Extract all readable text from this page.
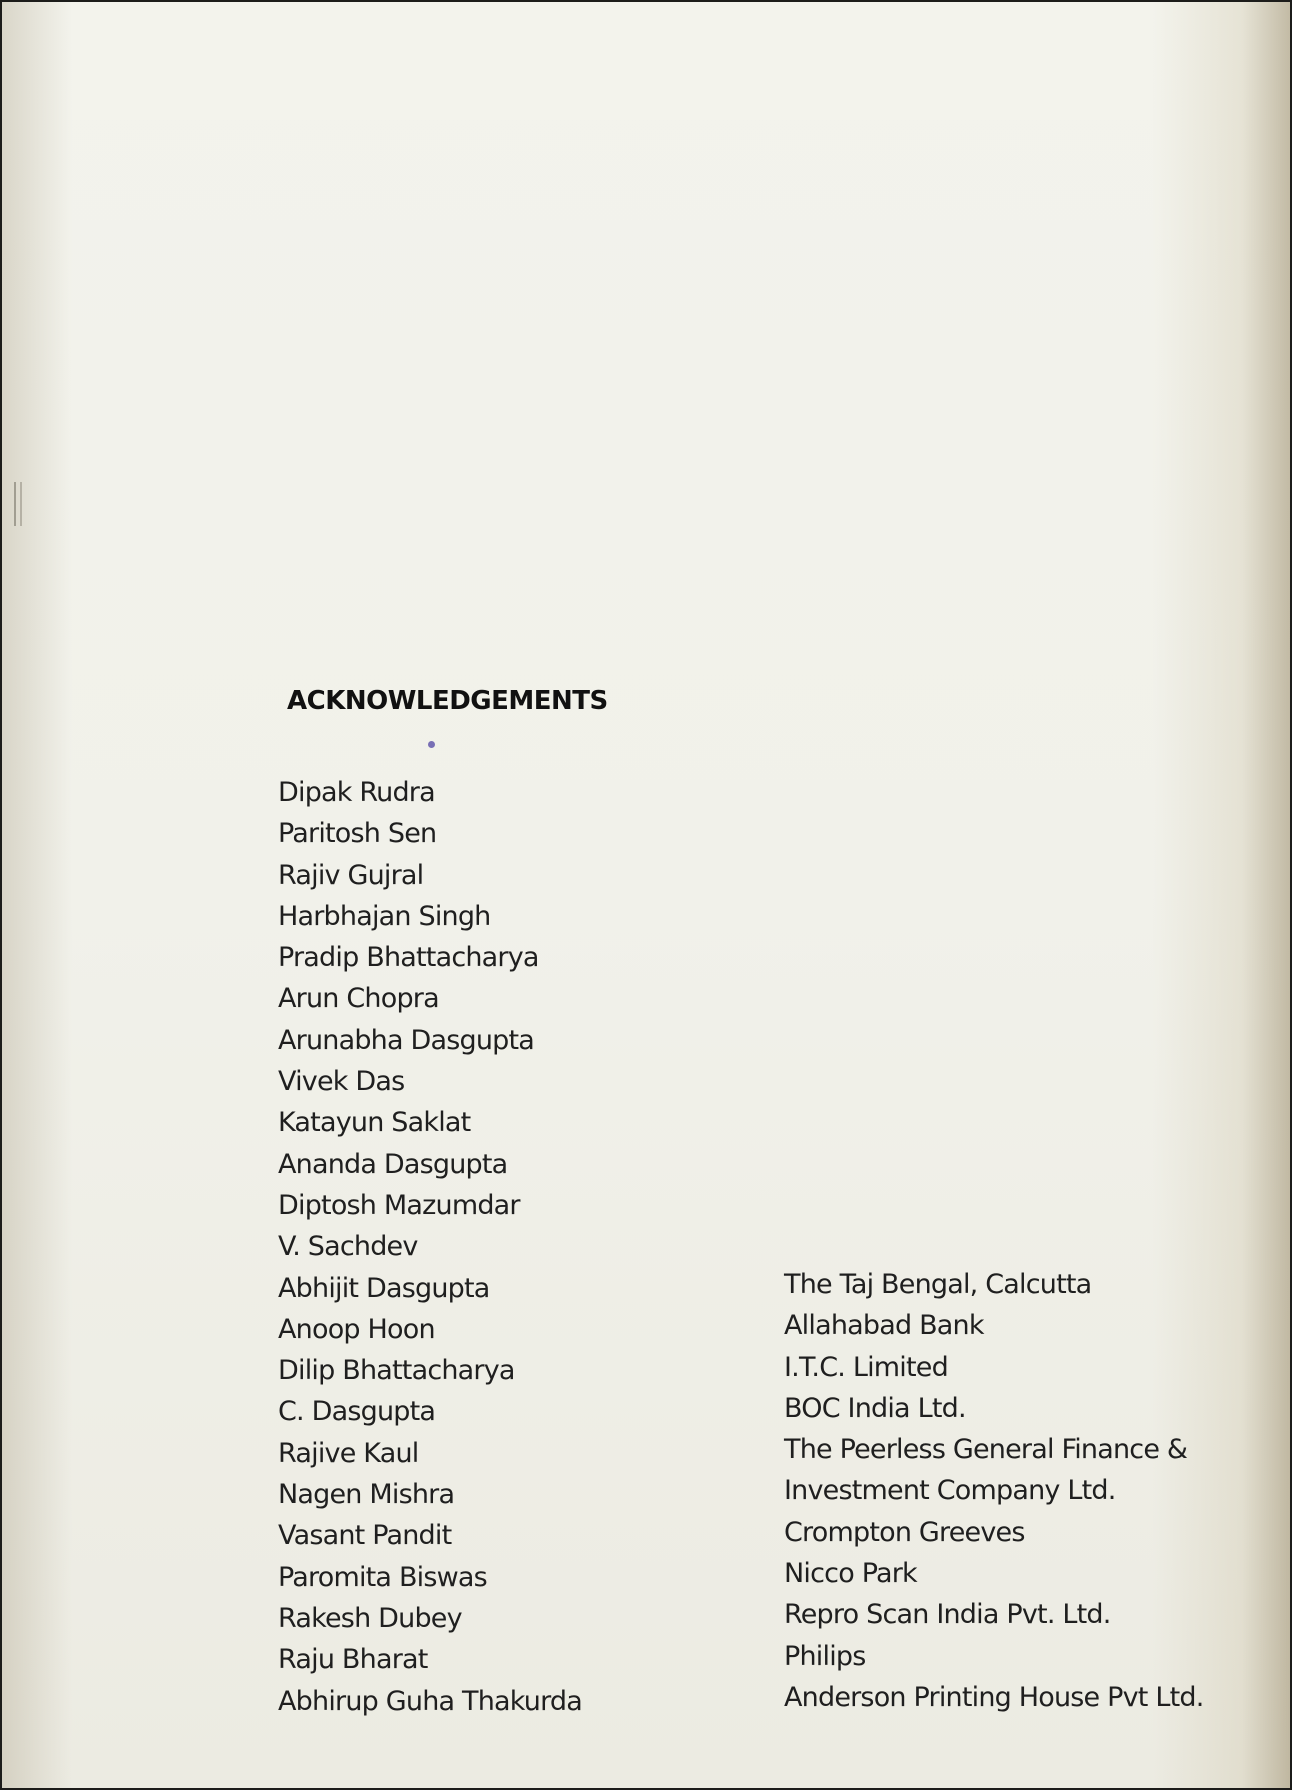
ACKNOWLEDGEMENTS
Dipak Rudra
Paritosh Sen
Rajiv Gujral
Harbhajan Singh
Pradip Bhattacharya
Arun Chopra
Arunabha Dasgupta
Vivek Das
Katayun Saklat
Ananda Dasgupta
Diptosh Mazumdar
V. Sachdev
Abhijit Dasgupta
Anoop Hoon
Dilip Bhattacharya
C. Dasgupta
Rajive Kaul
Nagen Mishra
Vasant Pandit
Paromita Biswas
Rakesh Dubey
Raju Bharat
Abhirup Guha Thakurda
The Taj Bengal, Calcutta
Allahabad Bank
I.T.C. Limited
BOC India Ltd.
The Peerless General Finance &
Investment Company Ltd.
Crompton Greeves
Nicco Park
Repro Scan India Pvt. Ltd.
Philips
Anderson Printing House Pvt Ltd.
